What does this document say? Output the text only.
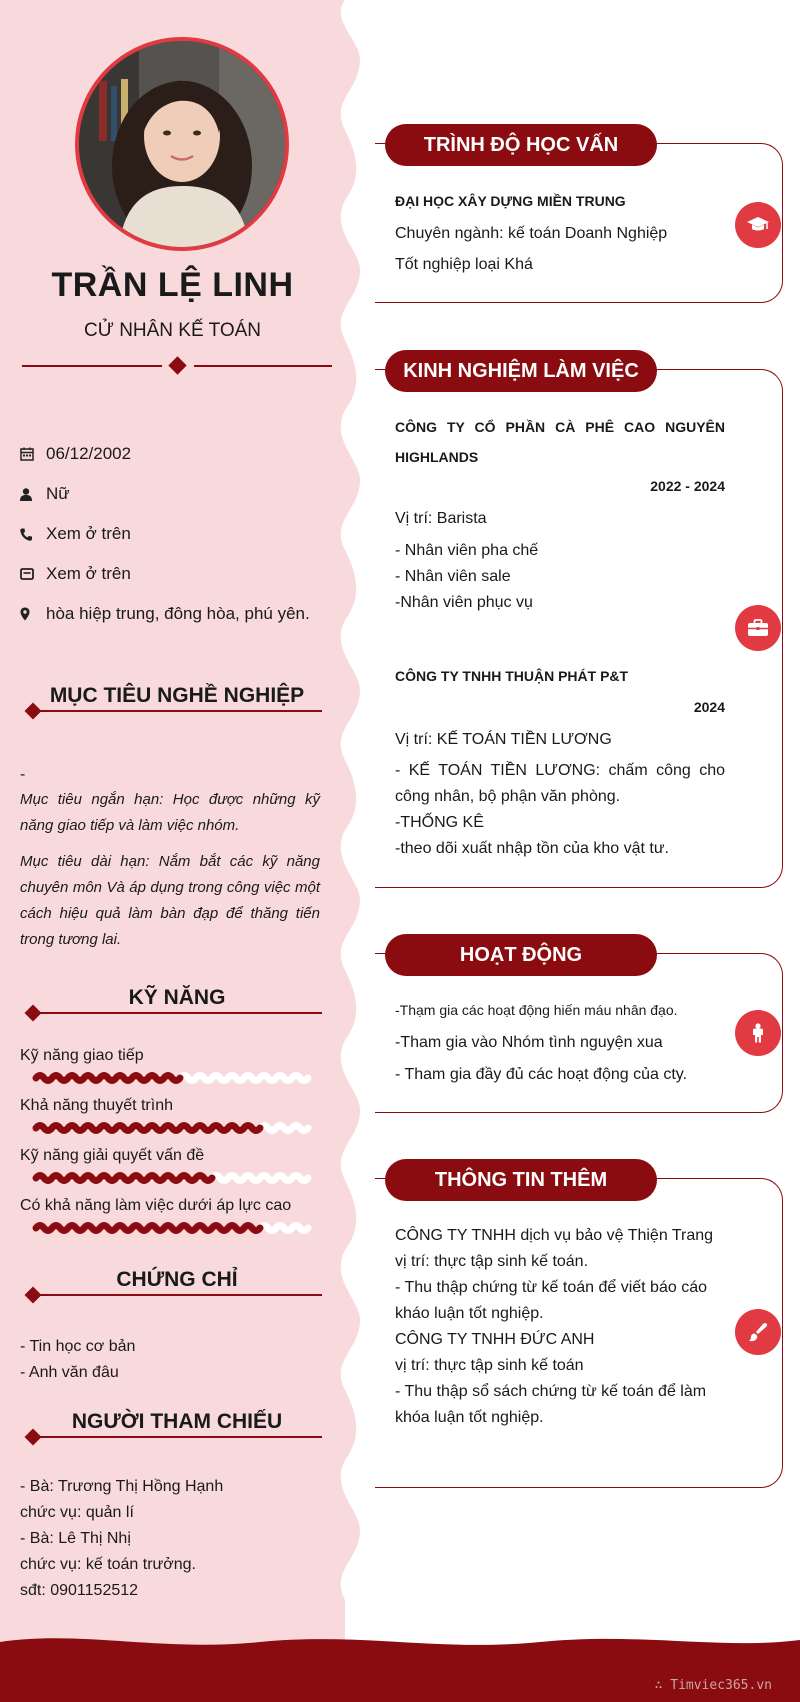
TRẦN LỆ LINH
CỬ NHÂN KẾ TOÁN
06/12/2002
Nữ
Xem ở trên
Xem ở trên
hòa hiệp trung, đông hòa, phú yên.
MỤC TIÊU NGHỀ NGHIỆP
-
Mục tiêu ngắn hạn: Học được những kỹ năng giao tiếp và làm việc nhóm.
Mục tiêu dài hạn: Nắm bắt các kỹ năng chuyên môn Và áp dụng trong công việc một cách hiệu quả làm bàn đạp để thăng tiến trong tương lai.
KỸ NĂNG
Kỹ năng giao tiếp
Khả năng thuyết trình
Kỹ năng giải quyết vấn đề
Có khả năng làm việc dưới áp lực cao
CHỨNG CHỈ
- Tin học cơ bản
- Anh văn đâu
NGƯỜI THAM CHIẾU
- Bà: Trương Thị Hồng Hạnh
chức vụ: quản lí
- Bà: Lê Thị Nhị
chức vụ: kế toán trưởng.
sđt: 0901152512
TRÌNH ĐỘ HỌC VẤN
ĐẠI HỌC XÂY DỰNG MIỀN TRUNG
Chuyên ngành: kế toán Doanh Nghiệp
Tốt nghiệp loại Khá
KINH NGHIỆM LÀM VIỆC
CÔNG TY CỔ PHẦN CÀ PHÊ CAO NGUYÊN HIGHLANDS
2022 - 2024
Vị trí: Barista
- Nhân viên pha chế
- Nhân viên sale
-Nhân viên phục vụ
CÔNG TY TNHH THUẬN PHÁT P&T
2024
Vị trí: KẾ TOÁN TIỀN LƯƠNG
- KẾ TOÁN TIỀN LƯƠNG: chấm công cho công nhân, bộ phận văn phòng.
-THỐNG KÊ
-theo dõi xuất nhập tồn của kho vật tư.
HOẠT ĐỘNG
-Thạm gia các hoạt động hiến máu nhân đạo.
-Tham gia vào Nhóm tình nguyện xua
- Tham gia đầy đủ các hoạt động của cty.
THÔNG TIN THÊM
CÔNG TY TNHH dịch vụ bảo vệ Thiện Trang
vị trí: thực tập sinh kế toán.
- Thu thập chứng từ kế toán để viết báo cáo kháo luận tốt nghiệp.
CÔNG TY TNHH ĐỨC ANH
vị trí: thực tập sinh kế toán
- Thu thập sổ sách chứng từ kế toán để làm khóa luận tốt nghiệp.
∴ Timviec365.vn
